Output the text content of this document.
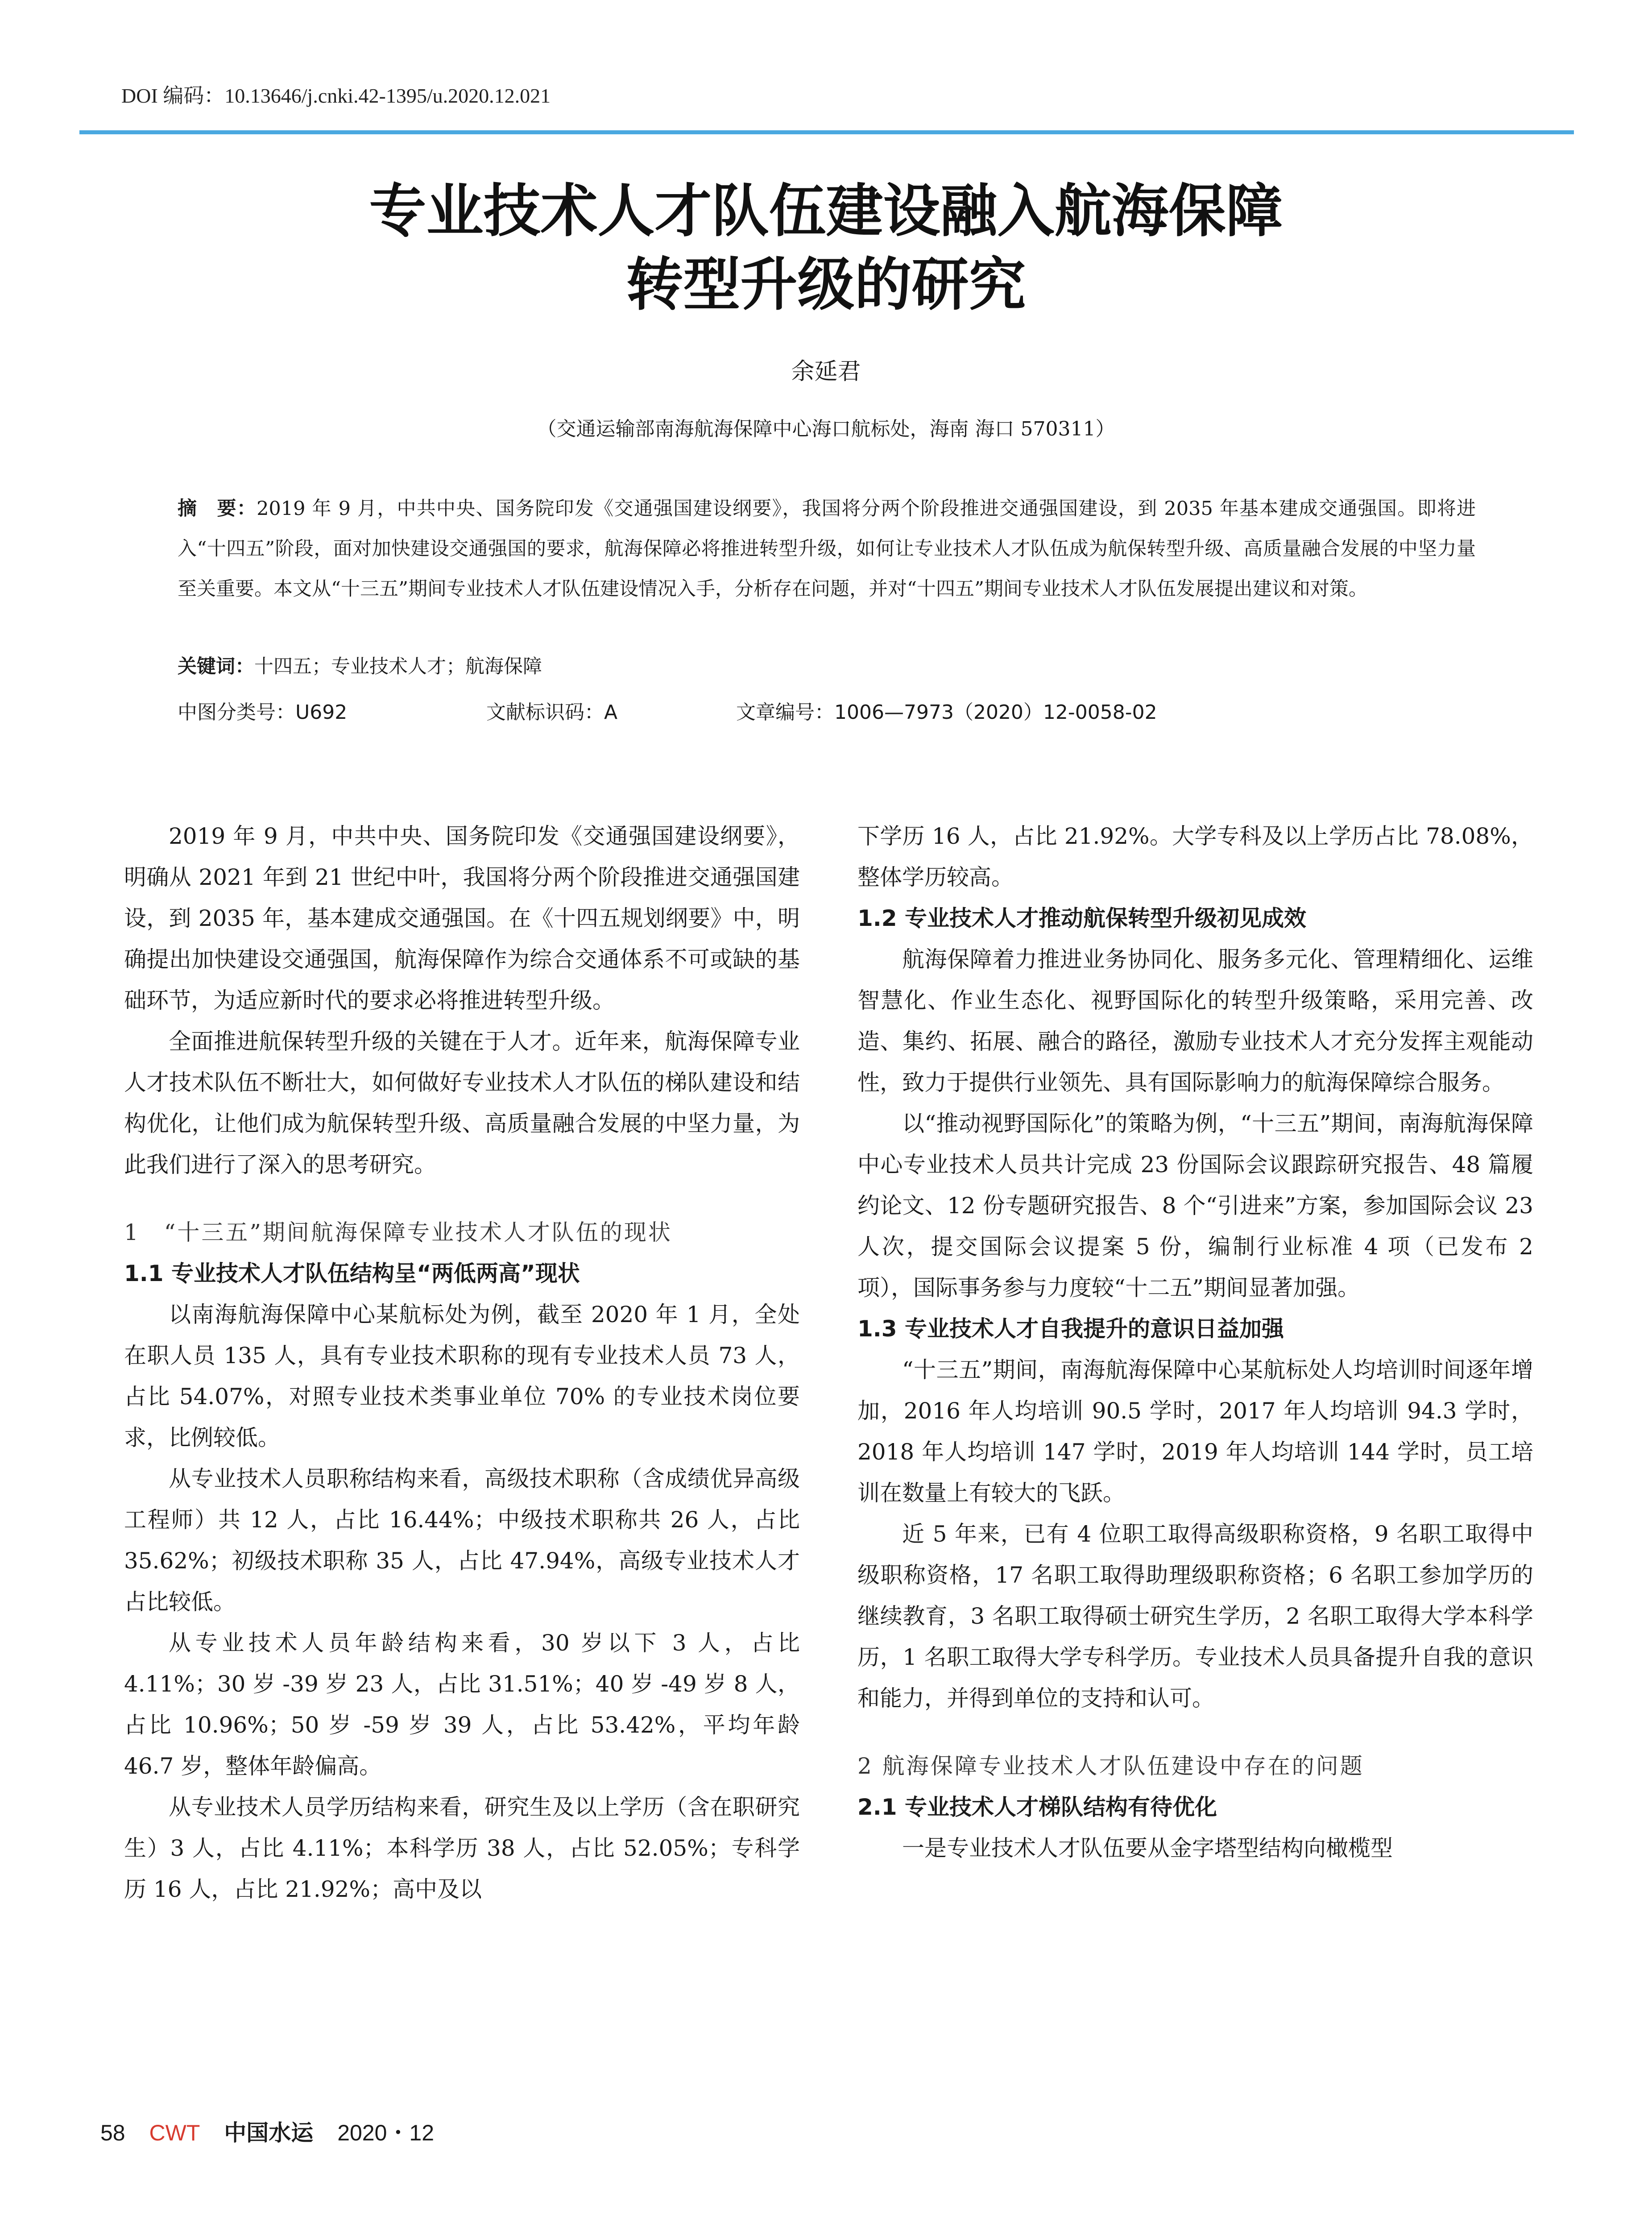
DOI 编码：10.13646/j.cnki.42-1395/u.2020.12.021
专业技术人才队伍建设融入航海保障
转型升级的研究
余延君
（交通运输部南海航海保障中心海口航标处，海南 海口 570311）
摘　要：2019 年 9 月，中共中央、国务院印发《交通强国建设纲要》，我国将分两个阶段推进交通强国建设，到 2035 年基本建成交通强国。即将进入“十四五”阶段，面对加快建设交通强国的要求，航海保障必将推进转型升级，如何让专业技术人才队伍成为航保转型升级、高质量融合发展的中坚力量至关重要。本文从“十三五”期间专业技术人才队伍建设情况入手，分析存在问题，并对“十四五”期间专业技术人才队伍发展提出建议和对策。
关键词：十四五；专业技术人才；航海保障
中图分类号：U692	文献标识码：A	文章编号：1006—7973（2020）12-0058-02

2019 年 9 月，中共中央、国务院印发《交通强国建设纲要》，明确从 2021 年到 21 世纪中叶，我国将分两个阶段推进交通强国建设，到 2035 年，基本建成交通强国。在《十四五规划纲要》中，明确提出加快建设交通强国，航海保障作为综合交通体系不可或缺的基础环节，为适应新时代的要求必将推进转型升级。

全面推进航保转型升级的关键在于人才。近年来，航海保障专业人才技术队伍不断壮大，如何做好专业技术人才队伍的梯队建设和结构优化，让他们成为航保转型升级、高质量融合发展的中坚力量，为此我们进行了深入的思考研究。

1　“十三五”期间航海保障专业技术人才队伍的现状
1.1 专业技术人才队伍结构呈“两低两高”现状

以南海航海保障中心某航标处为例，截至 2020 年 1 月，全处在职人员 135 人，具有专业技术职称的现有专业技术人员 73 人，占比 54.07%，对照专业技术类事业单位 70% 的专业技术岗位要求，比例较低。

从专业技术人员职称结构来看，高级技术职称（含成绩优异高级工程师）共 12 人，占比 16.44%；中级技术职称共 26 人，占比 35.62%；初级技术职称 35 人，占比 47.94%，高级专业技术人才占比较低。

从专业技术人员年龄结构来看，30 岁以下 3 人，占比 4.11%；30 岁 -39 岁 23 人，占比 31.51%；40 岁 -49 岁 8 人，占比 10.96%；50 岁 -59 岁 39 人，占比 53.42%，平均年龄 46.7 岁，整体年龄偏高。

从专业技术人员学历结构来看，研究生及以上学历（含在职研究生）3 人，占比 4.11%；本科学历 38 人，占比 52.05%；专科学历 16 人，占比 21.92%；高中及以

下学历 16 人，占比 21.92%。大学专科及以上学历占比 78.08%，整体学历较高。

1.2 专业技术人才推动航保转型升级初见成效

航海保障着力推进业务协同化、服务多元化、管理精细化、运维智慧化、作业生态化、视野国际化的转型升级策略，采用完善、改造、集约、拓展、融合的路径，激励专业技术人才充分发挥主观能动性，致力于提供行业领先、具有国际影响力的航海保障综合服务。

以“推动视野国际化”的策略为例，“十三五”期间，南海航海保障中心专业技术人员共计完成 23 份国际会议跟踪研究报告、48 篇履约论文、12 份专题研究报告、8 个“引进来”方案，参加国际会议 23 人次，提交国际会议提案 5 份，编制行业标准 4 项（已发布 2 项），国际事务参与力度较“十二五”期间显著加强。

1.3 专业技术人才自我提升的意识日益加强

“十三五”期间，南海航海保障中心某航标处人均培训时间逐年增加，2016 年人均培训 90.5 学时，2017 年人均培训 94.3 学时，2018 年人均培训 147 学时，2019 年人均培训 144 学时，员工培训在数量上有较大的飞跃。

近 5 年来，已有 4 位职工取得高级职称资格，9 名职工取得中级职称资格，17 名职工取得助理级职称资格；6 名职工参加学历的继续教育，3 名职工取得硕士研究生学历，2 名职工取得大学本科学历，1 名职工取得大学专科学历。专业技术人员具备提升自我的意识和能力，并得到单位的支持和认可。

2 航海保障专业技术人才队伍建设中存在的问题
2.1 专业技术人才梯队结构有待优化

一是专业技术人才队伍要从金字塔型结构向橄榄型

58 CWT 中国水运 2020・12
